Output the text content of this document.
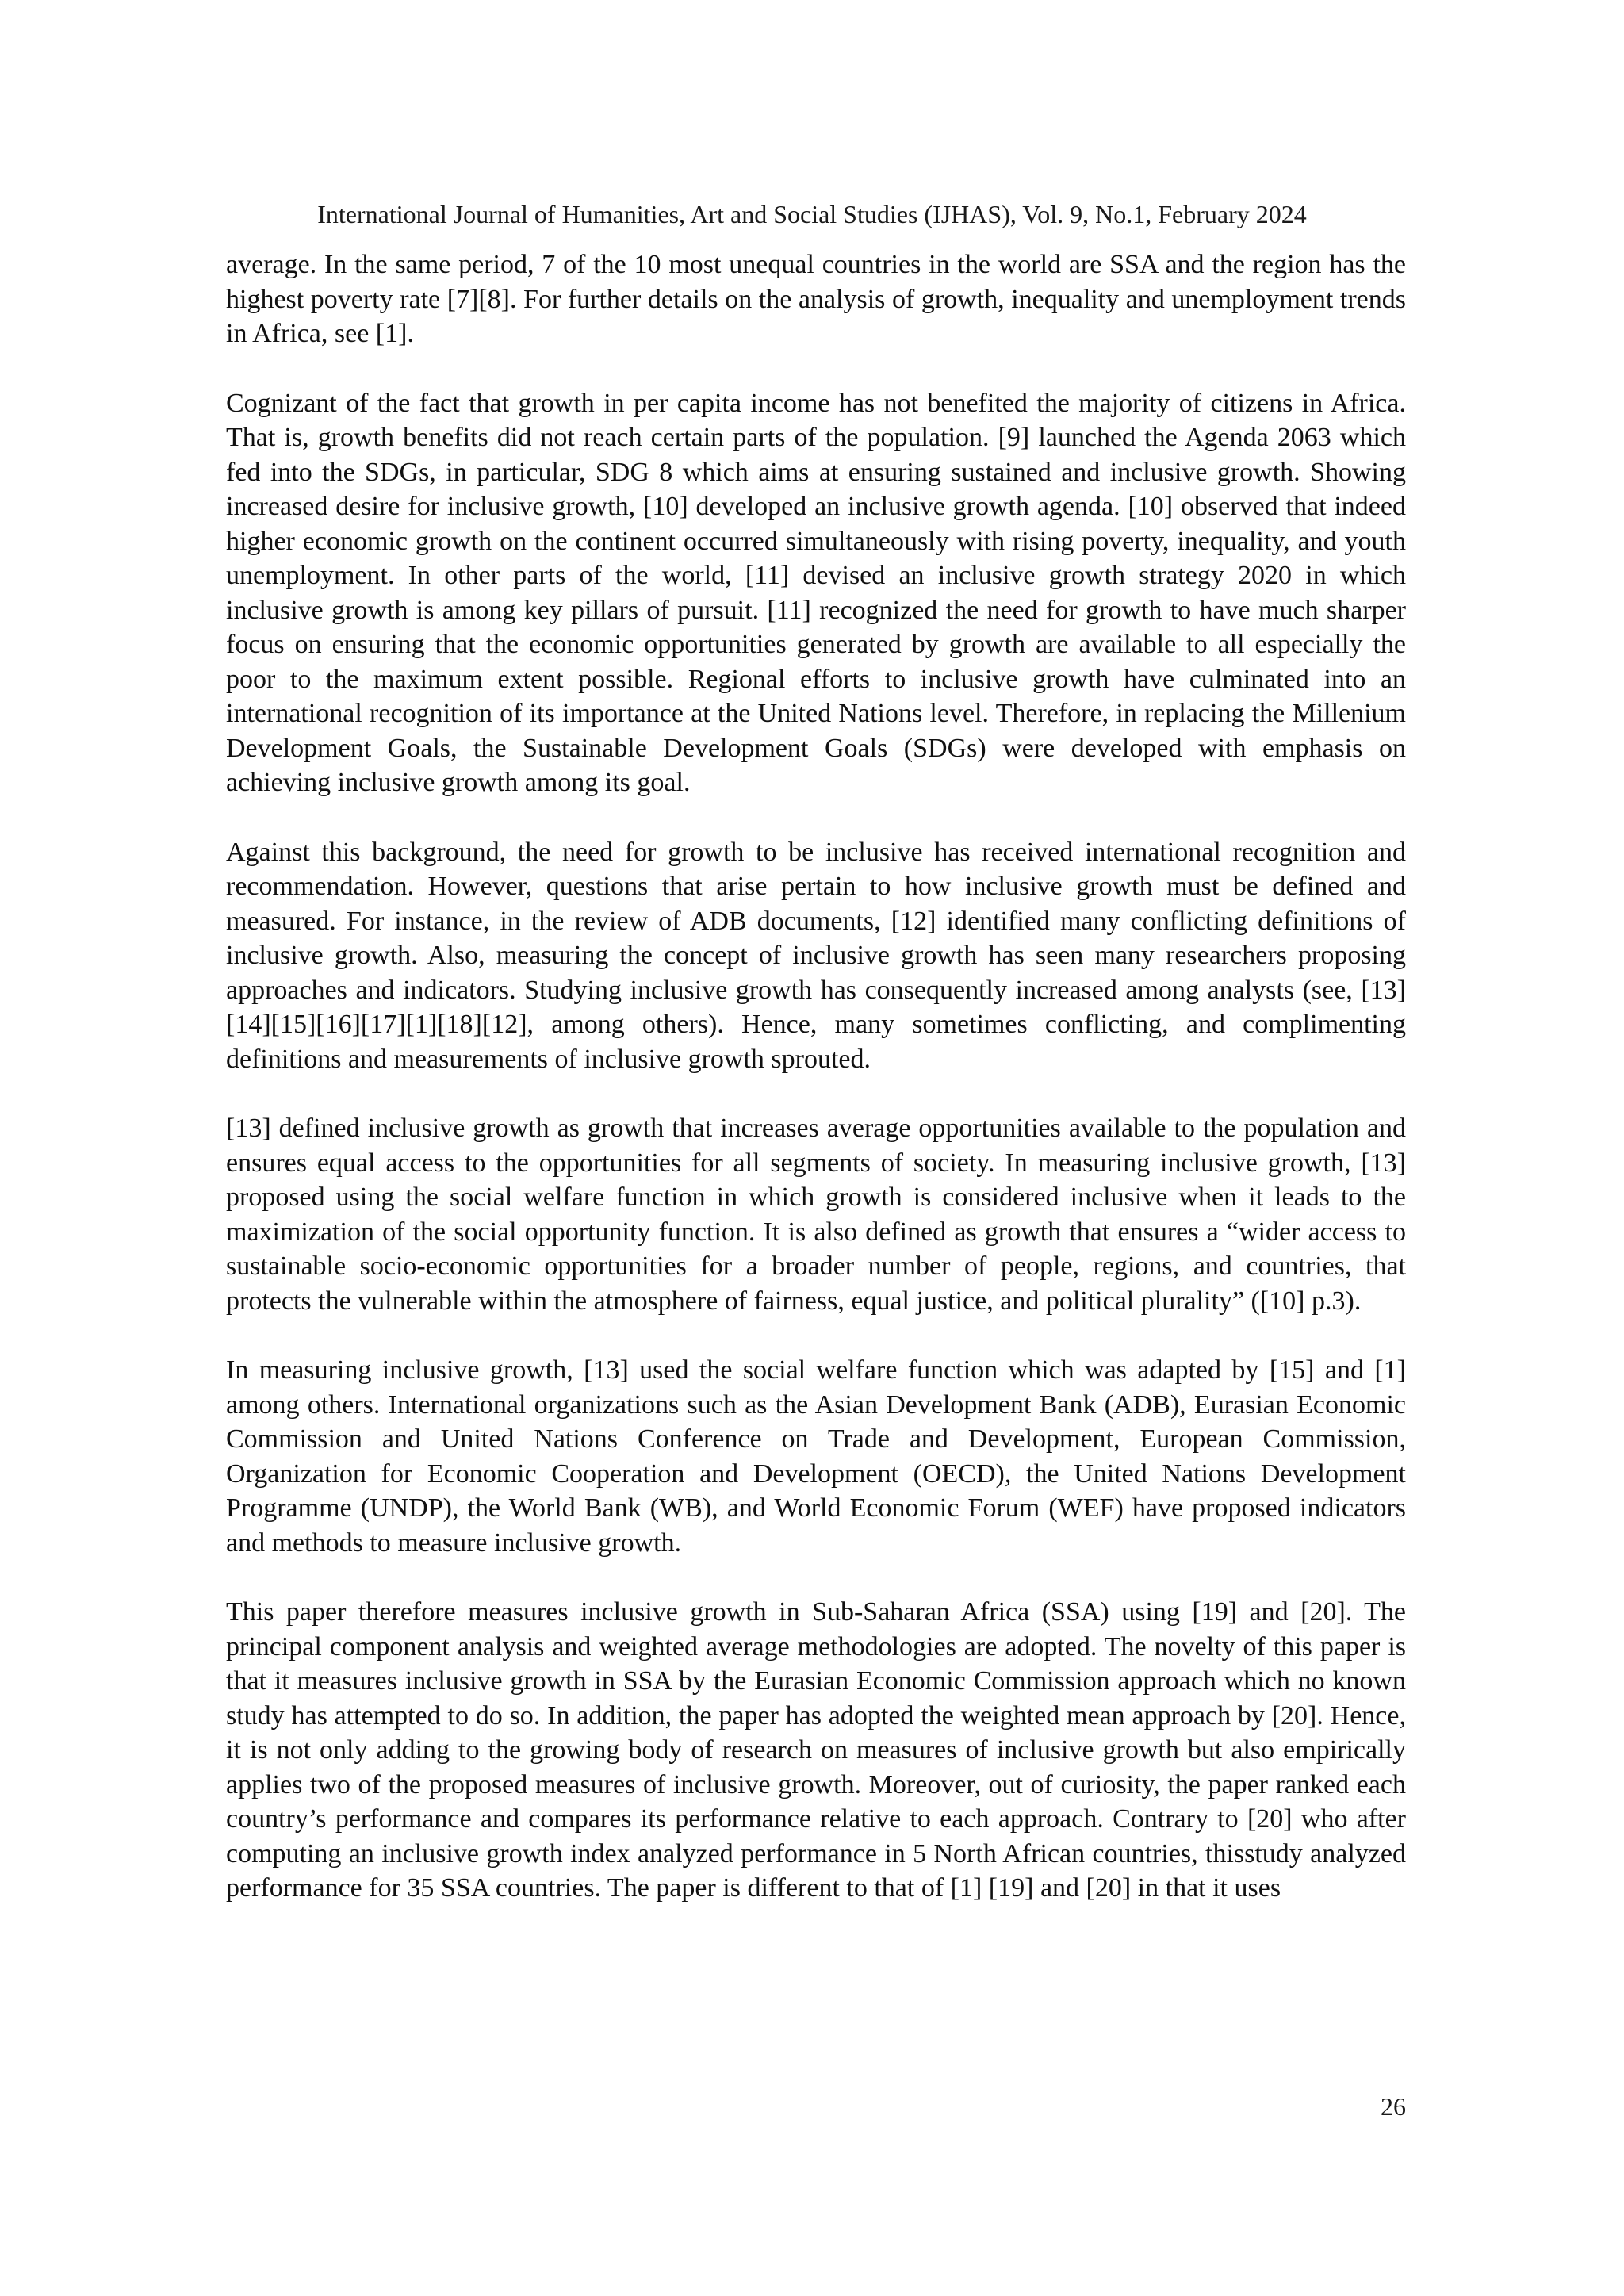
International Journal of Humanities, Art and Social Studies (IJHAS), Vol. 9, No.1, February 2024

average. In the same period, 7 of the 10 most unequal countries in the world are SSA and the region has the highest poverty rate [7][8]. For further details on the analysis of growth, inequality and unemployment trends in Africa, see [1].

Cognizant of the fact that growth in per capita income has not benefited the majority of citizens in Africa. That is, growth benefits did not reach certain parts of the population. [9] launched the Agenda 2063 which fed into the SDGs, in particular, SDG 8 which aims at ensuring sustained and inclusive growth. Showing increased desire for inclusive growth, [10] developed an inclusive growth agenda. [10] observed that indeed higher economic growth on the continent occurred simultaneously with rising poverty, inequality, and youth unemployment. In other parts of the world, [11] devised an inclusive growth strategy 2020 in which inclusive growth is among key pillars of pursuit. [11] recognized the need for growth to have much sharper focus on ensuring that the economic opportunities generated by growth are available to all especially the poor to the maximum extent possible. Regional efforts to inclusive growth have culminated into an international recognition of its importance at the United Nations level. Therefore, in replacing the Millenium Development Goals, the Sustainable Development Goals (SDGs) were developed with emphasis on achieving inclusive growth among its goal.

Against this background, the need for growth to be inclusive has received international recognition and recommendation. However, questions that arise pertain to how inclusive growth must be defined and measured. For instance, in the review of ADB documents, [12] identified many conflicting definitions of inclusive growth. Also, measuring the concept of inclusive growth has seen many researchers proposing approaches and indicators. Studying inclusive growth has consequently increased among analysts (see, [13][14][15][16][17][1][18][12], among others). Hence, many sometimes conflicting, and complimenting definitions and measurements of inclusive growth sprouted.

[13] defined inclusive growth as growth that increases average opportunities available to the population and ensures equal access to the opportunities for all segments of society. In measuring inclusive growth, [13] proposed using the social welfare function in which growth is considered inclusive when it leads to the maximization of the social opportunity function. It is also defined as growth that ensures a “wider access to sustainable socio-economic opportunities for a broader number of people, regions, and countries, that protects the vulnerable within the atmosphere of fairness, equal justice, and political plurality” ([10] p.3).

In measuring inclusive growth, [13] used the social welfare function which was adapted by [15] and [1] among others. International organizations such as the Asian Development Bank (ADB), Eurasian Economic Commission and United Nations Conference on Trade and Development, European Commission, Organization for Economic Cooperation and Development (OECD), the United Nations Development Programme (UNDP), the World Bank (WB), and World Economic Forum (WEF) have proposed indicators and methods to measure inclusive growth.

This paper therefore measures inclusive growth in Sub-Saharan Africa (SSA) using [19] and [20]. The principal component analysis and weighted average methodologies are adopted. The novelty of this paper is that it measures inclusive growth in SSA by the Eurasian Economic Commission approach which no known study has attempted to do so. In addition, the paper has adopted the weighted mean approach by [20]. Hence, it is not only adding to the growing body of research on measures of inclusive growth but also empirically applies two of the proposed measures of inclusive growth. Moreover, out of curiosity, the paper ranked each country’s performance and compares its performance relative to each approach. Contrary to [20] who after computing an inclusive growth index analyzed performance in 5 North African countries, thisstudy analyzed performance for 35 SSA countries. The paper is different to that of [1] [19] and [20] in that it uses

26
